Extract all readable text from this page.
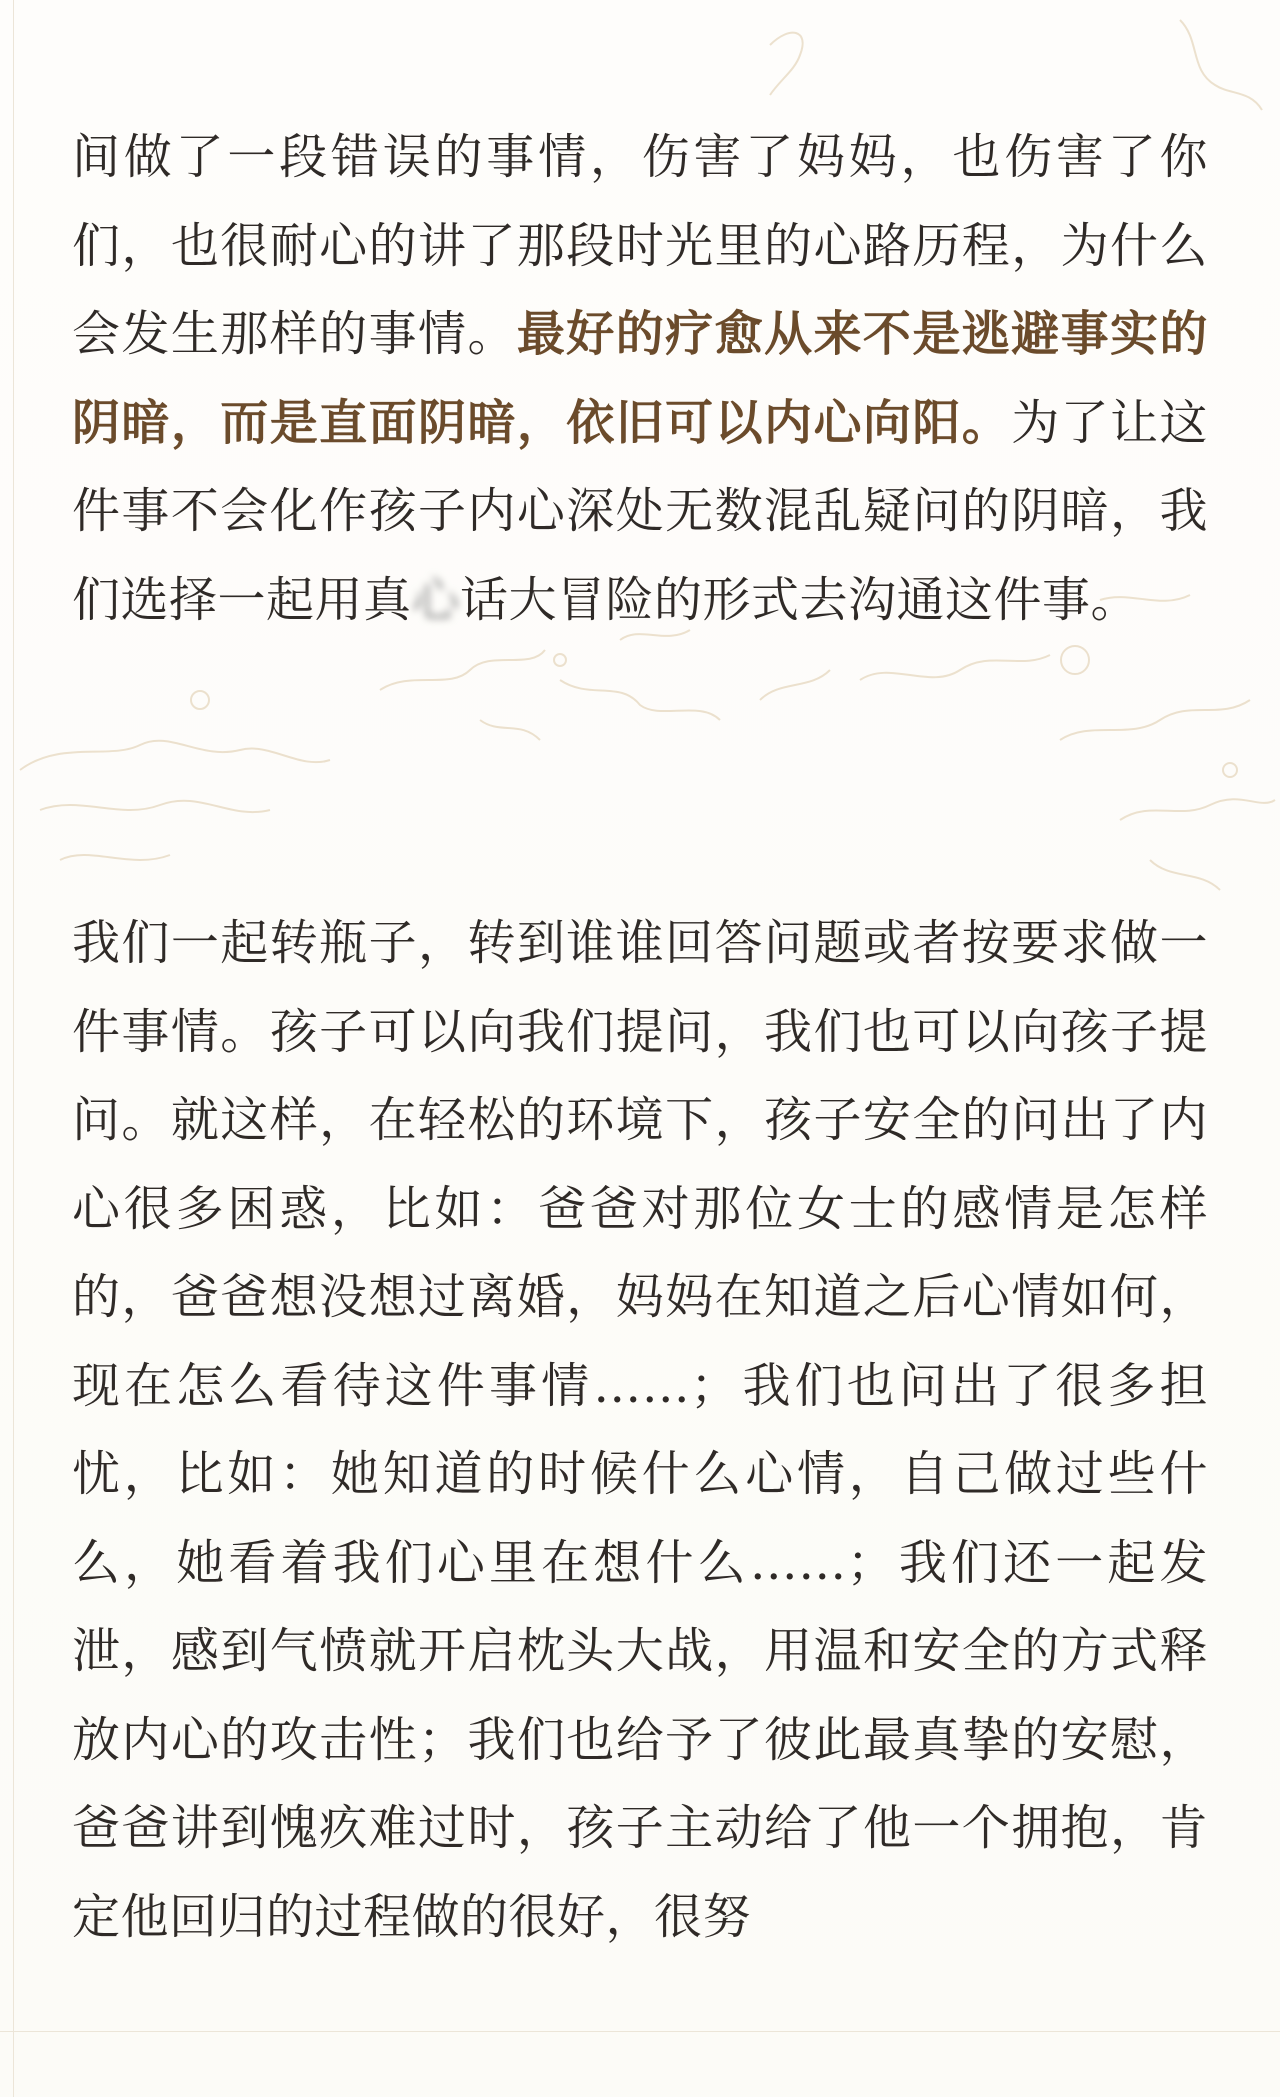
间做了一段错误的事情，伤害了妈妈，也伤害了你们，也很耐心的讲了那段时光里的心路历程，为什么会发生那样的事情。最好的疗愈从来不是逃避事实的阴暗，而是直面阴暗，依旧可以内心向阳。为了让这件事不会化作孩子内心深处无数混乱疑问的阴暗，我们选择一起用真心话大冒险的形式去沟通这件事。

我们一起转瓶子，转到谁谁回答问题或者按要求做一件事情。孩子可以向我们提问，我们也可以向孩子提问。就这样，在轻松的环境下，孩子安全的问出了内心很多困惑，比如：爸爸对那位女士的感情是怎样的，爸爸想没想过离婚，妈妈在知道之后心情如何，现在怎么看待这件事情……；我们也问出了很多担忧，比如：她知道的时候什么心情，自己做过些什么，她看着我们心里在想什么……；我们还一起发泄，感到气愤就开启枕头大战，用温和安全的方式释放内心的攻击性；我们也给予了彼此最真挚的安慰，爸爸讲到愧疚难过时，孩子主动给了他一个拥抱，肯定他回归的过程做的很好，很努
